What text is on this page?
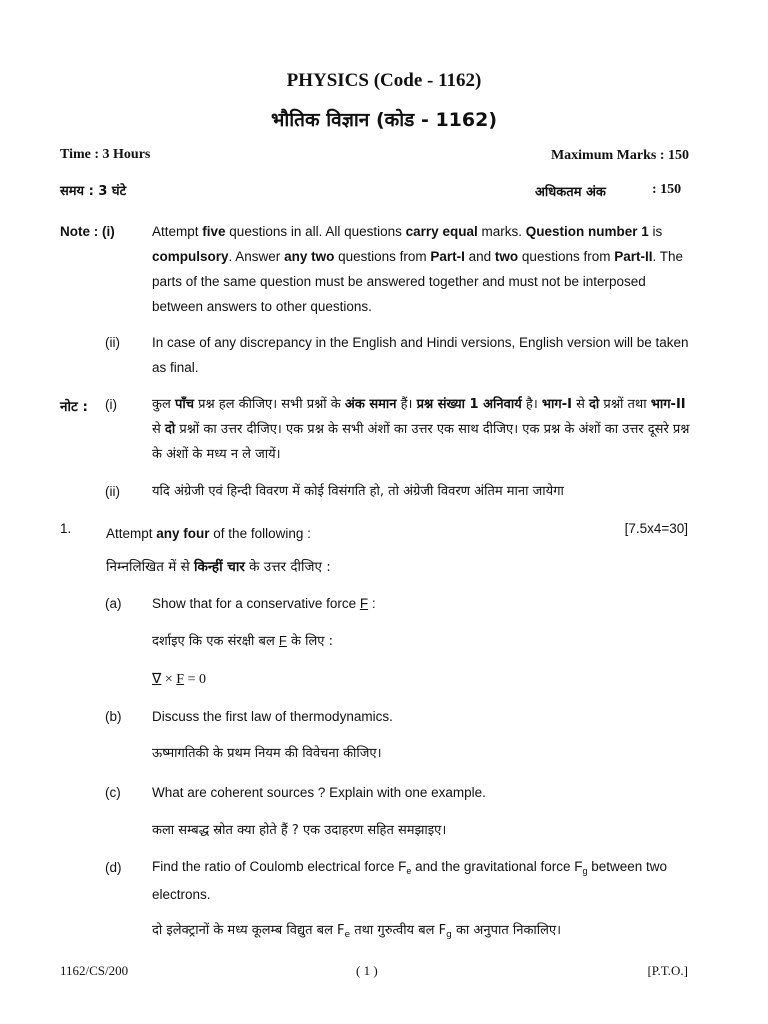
PHYSICS (Code - 1162)
भौतिक विज्ञान (कोड - 1162)
Time : 3 Hours	Maximum Marks : 150
समय : 3 घंटे	अधिकतम अंक	: 150
Note : (i)	Attempt five questions in all. All questions carry equal marks. Question number 1 is compulsory. Answer any two questions from Part-I and two questions from Part-II. The parts of the same question must be answered together and must not be interposed between answers to other questions.
(ii) In case of any discrepancy in the English and Hindi versions, English version will be taken as final.
नोट : (i)	कुल पाँच प्रश्न हल कीजिए। सभी प्रश्नों के अंक समान हैं। प्रश्न संख्या 1 अनिवार्य है। भाग-I से दो प्रश्नों तथा भाग-II से दो प्रश्नों का उत्तर दीजिए। एक प्रश्न के सभी अंशों का उत्तर एक साथ दीजिए। एक प्रश्न के अंशों का उत्तर दूसरे प्रश्न के अंशों के मध्य न ले जायें।
(ii) यदि अंग्रेजी एवं हिन्दी विवरण में कोई विसंगति हो, तो अंग्रेजी विवरण अंतिम माना जायेगा
1.	Attempt any four of the following :	[7.5x4=30]
निम्नलिखित में से किन्हीं चार के उत्तर दीजिए :
(a) Show that for a conservative force F :
दर्शाइए कि एक संरक्षी बल F के लिए :
∇ × F = 0
(b) Discuss the first law of thermodynamics.
ऊष्मागतिकी के प्रथम नियम की विवेचना कीजिए।
(c) What are coherent sources ? Explain with one example.
कला सम्बद्ध स्रोत क्या होते हैं ? एक उदाहरण सहित समझाइए।
(d) Find the ratio of Coulomb electrical force $F_e$ and the gravitational force $F_g$ between two electrons.
दो इलेक्ट्रानों के मध्य कूलम्ब विद्युत बल $F_e$ तथा गुरुत्वीय बल $F_g$ का अनुपात निकालिए।
1162/CS/200	( 1 )	[P.T.O.]
